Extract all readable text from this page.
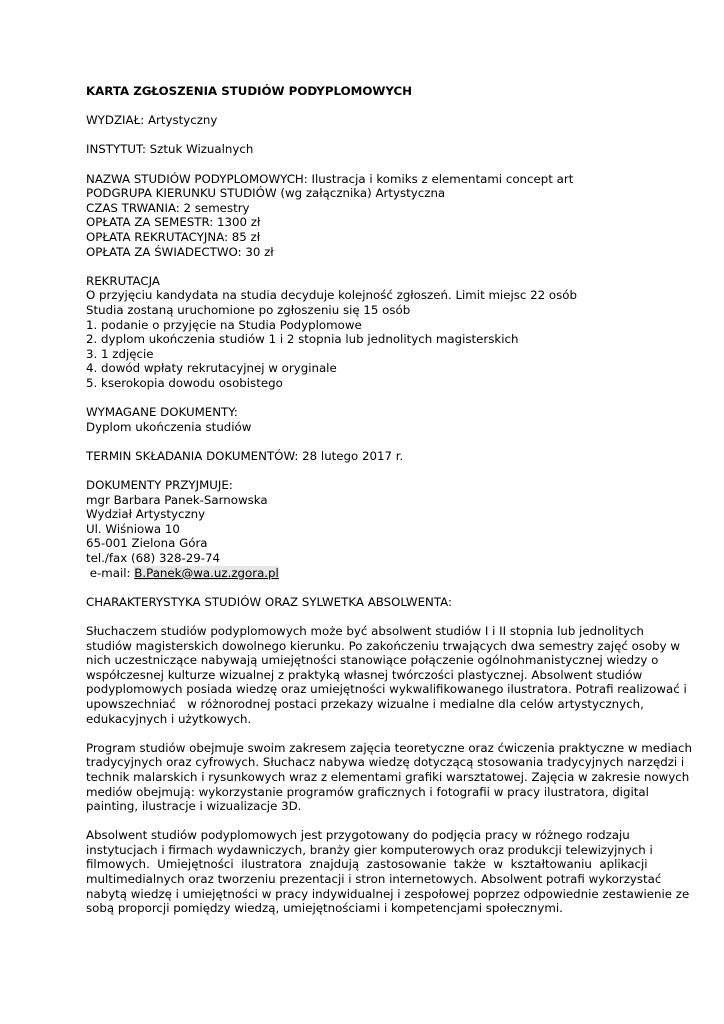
KARTA ZGŁOSZENIA STUDIÓW PODYPLOMOWYCH
WYDZIAŁ: Artystyczny
INSTYTUT: Sztuk Wizualnych
NAZWA STUDIÓW PODYPLOMOWYCH: Ilustracja i komiks z elementami concept art
PODGRUPA KIERUNKU STUDIÓW (wg załącznika) Artystyczna
CZAS TRWANIA: 2 semestry
OPŁATA ZA SEMESTR: 1300 zł
OPŁATA REKRUTACYJNA: 85 zł
OPŁATA ZA ŚWIADECTWO: 30 zł
REKRUTACJA
O przyjęciu kandydata na studia decyduje kolejność zgłoszeń. Limit miejsc 22 osób
Studia zostaną uruchomione po zgłoszeniu się 15 osób
1. podanie o przyjęcie na Studia Podyplomowe
2. dyplom ukończenia studiów 1 i 2 stopnia lub jednolitych magisterskich
3. 1 zdjęcie
4. dowód wpłaty rekrutacyjnej w oryginale
5. kserokopia dowodu osobistego
WYMAGANE DOKUMENTY:
Dyplom ukończenia studiów
TERMIN SKŁADANIA DOKUMENTÓW: 28 lutego 2017 r.
DOKUMENTY PRZYJMUJE:
mgr Barbara Panek-Sarnowska
Wydział Artystyczny
Ul. Wiśniowa 10
65-001 Zielona Góra
tel./fax (68) 328-29-74
e-mail: B.Panek@wa.uz.zgora.pl
CHARAKTERYSTYKA STUDIÓW ORAZ SYLWETKA ABSOLWENTA:
Słuchaczem studiów podyplomowych może być absolwent studiów I i II stopnia lub jednolitych
studiów magisterskich dowolnego kierunku. Po zakończeniu trwających dwa semestry zajęć osoby w
nich uczestniczące nabywają umiejętności stanowiące połączenie ogólnohmanistycznej wiedzy o
współczesnej kulturze wizualnej z praktyką własnej twórczości plastycznej. Absolwent studiów
podyplomowych posiada wiedzę oraz umiejętności wykwalifikowanego ilustratora. Potrafi realizować i
upowszechniać   w różnorodnej postaci przekazy wizualne i medialne dla celów artystycznych,
edukacyjnych i użytkowych.
Program studiów obejmuje swoim zakresem zajęcia teoretyczne oraz ćwiczenia praktyczne w mediach
tradycyjnych oraz cyfrowych. Słuchacz nabywa wiedzę dotyczącą stosowania tradycyjnych narzędzi i
technik malarskich i rysunkowych wraz z elementami grafiki warsztatowej. Zajęcia w zakresie nowych
mediów obejmują: wykorzystanie programów graficznych i fotografii w pracy ilustratora, digital
painting, ilustracje i wizualizacje 3D.
Absolwent studiów podyplomowych jest przygotowany do podjęcia pracy w różnego rodzaju
instytucjach i firmach wydawniczych, branży gier komputerowych oraz produkcji telewizyjnych i
filmowych.  Umiejętności  ilustratora  znajdują  zastosowanie  także  w  kształtowaniu  aplikacji
multimedialnych oraz tworzeniu prezentacji i stron internetowych. Absolwent potrafi wykorzystać
nabytą wiedzę i umiejętności w pracy indywidualnej i zespołowej poprzez odpowiednie zestawienie ze
sobą proporcji pomiędzy wiedzą, umiejętnościami i kompetencjami społecznymi.
